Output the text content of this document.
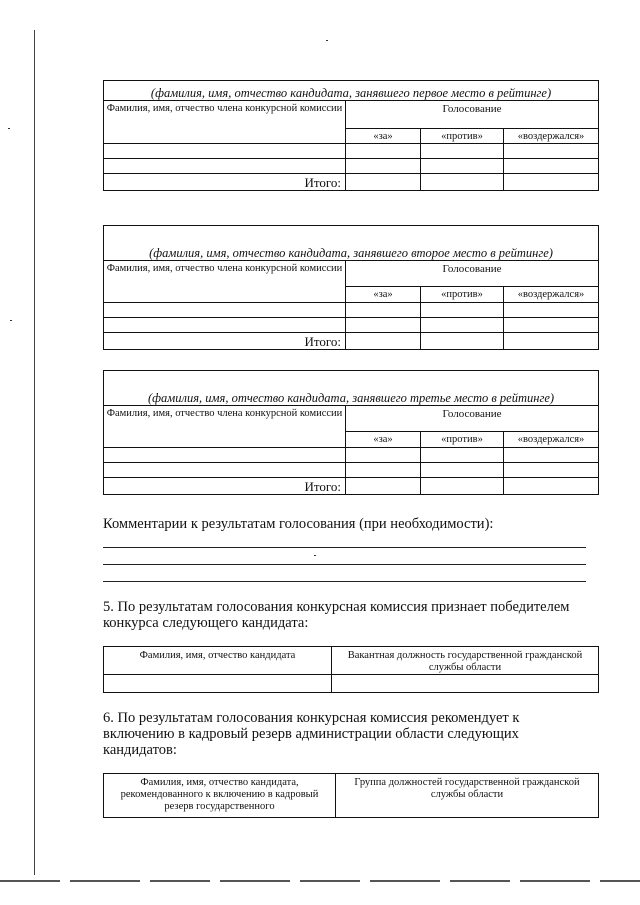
(фамилия, имя, отчество кандидата, занявшего первое место в рейтинге)			
Фамилия, имя, отчество члена конкурсной комиссии	Голосование		
	«за»	«против»	«воздержался»

Итого:			
(фамилия, имя, отчество кандидата, занявшего второе место в рейтинге)			
Фамилия, имя, отчество члена конкурсной комиссии	Голосование		
	«за»	«против»	«воздержался»

Итого:			
(фамилия, имя, отчество кандидата, занявшего третье место в рейтинге)			
Фамилия, имя, отчество члена конкурсной комиссии	Голосование		
	«за»	«против»	«воздержался»

Итого:			
Комментарии к результатам голосования (при необходимости):
5. По результатам голосования конкурсная комиссия признает победителем конкурса следующего кандидата:
Фамилия, имя, отчество кандидата	Вакантная должность государственной гражданской службы области

6. По результатам голосования конкурсная комиссия рекомендует к включению в кадровый резерв администрации области следующих кандидатов:
Фамилия, имя, отчество кандидата, рекомендованного к включению в кадровый резерв государственного	Группа должностей государственной гражданской службы области
